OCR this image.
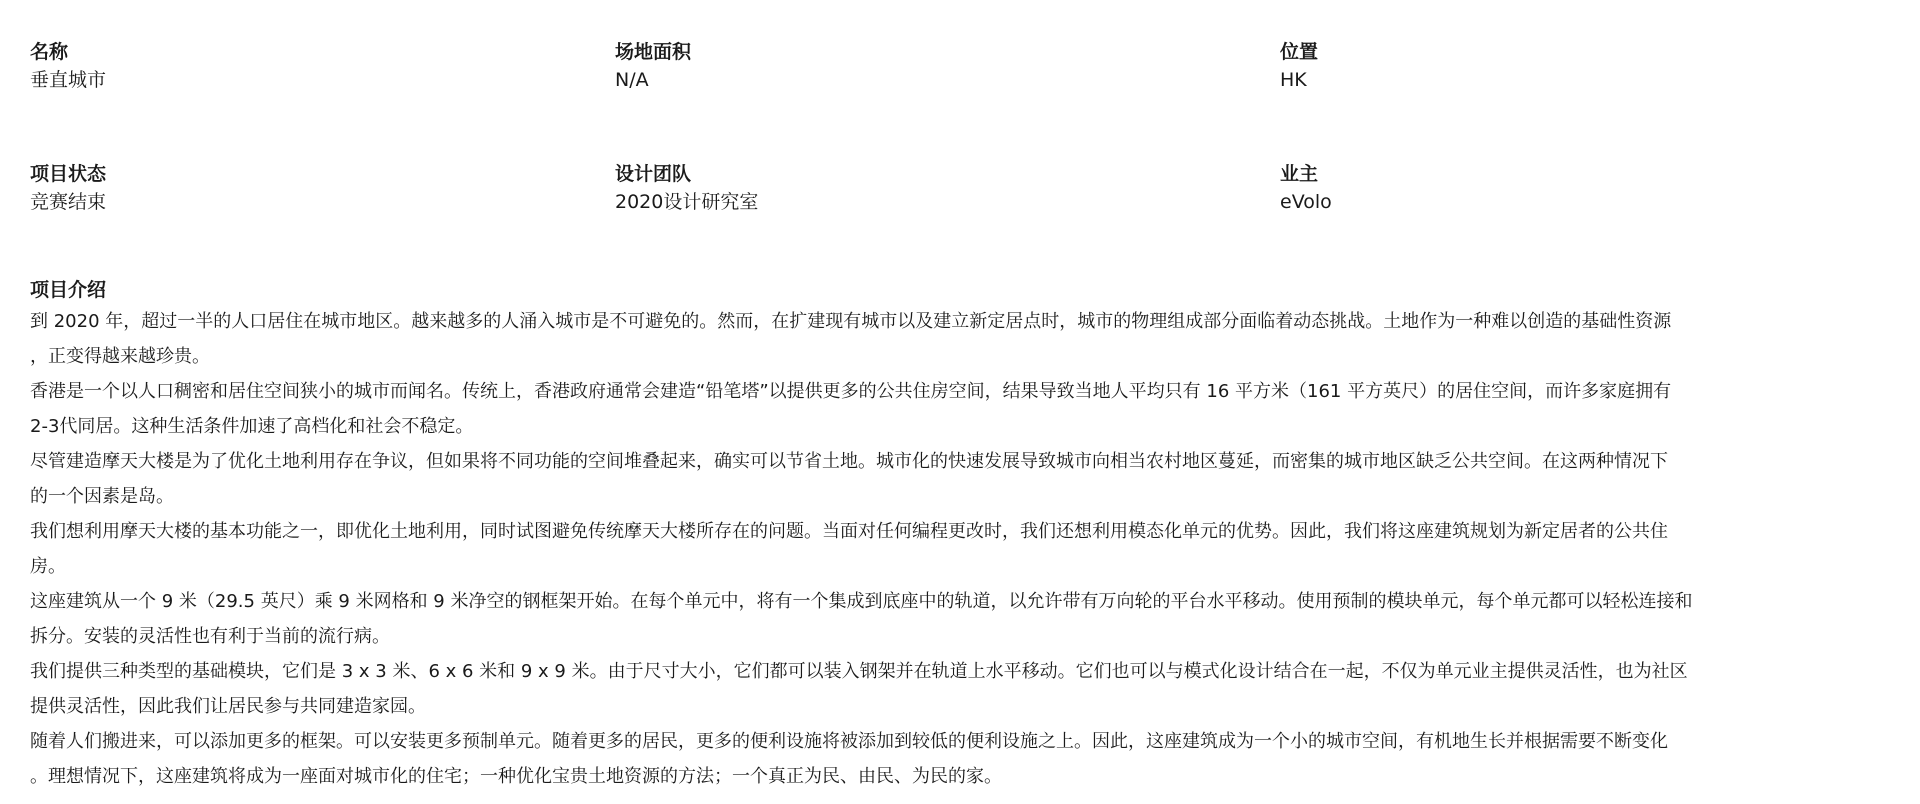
名称
垂直城市
场地面积
N/A
位置
HK
项目状态
竞赛结束
设计团队
2020设计研究室
业主
eVolo
项目介绍

到 2020 年，超过一半的人口居住在城市地区。越来越多的人涌入城市是不可避免的。然而，在扩建现有城市以及建立新定居点时，城市的物理组成部分面临着动态挑战。土地作为一种难以创造的基础性资源
，正变得越来越珍贵。

香港是一个以人口稠密和居住空间狭小的城市而闻名。传统上，香港政府通常会建造“铅笔塔”以提供更多的公共住房空间，结果导致当地人平均只有 16 平方米（161 平方英尺）的居住空间，而许多家庭拥有
2-3代同居。这种生活条件加速了高档化和社会不稳定。

尽管建造摩天大楼是为了优化土地利用存在争议，但如果将不同功能的空间堆叠起来，确实可以节省土地。城市化的快速发展导致城市向相当农村地区蔓延，而密集的城市地区缺乏公共空间。在这两种情况下
的一个因素是岛。

我们想利用摩天大楼的基本功能之一，即优化土地利用，同时试图避免传统摩天大楼所存在的问题。当面对任何编程更改时，我们还想利用模态化单元的优势。因此，我们将这座建筑规划为新定居者的公共住
房。

这座建筑从一个 9 米（29.5 英尺）乘 9 米网格和 9 米净空的钢框架开始。在每个单元中，将有一个集成到底座中的轨道，以允许带有万向轮的平台水平移动。使用预制的模块单元，每个单元都可以轻松连接和
拆分。安装的灵活性也有利于当前的流行病。

我们提供三种类型的基础模块，它们是 3 x 3 米、6 x 6 米和 9 x 9 米。由于尺寸大小，它们都可以装入钢架并在轨道上水平移动。它们也可以与模式化设计结合在一起，不仅为单元业主提供灵活性，也为社区
提供灵活性，因此我们让居民参与共同建造家园。

随着人们搬进来，可以添加更多的框架。可以安装更多预制单元。随着更多的居民，更多的便利设施将被添加到较低的便利设施之上。因此，这座建筑成为一个小的城市空间，有机地生长并根据需要不断变化
。理想情况下，这座建筑将成为一座面对城市化的住宅；一种优化宝贵土地资源的方法；一个真正为民、由民、为民的家。
